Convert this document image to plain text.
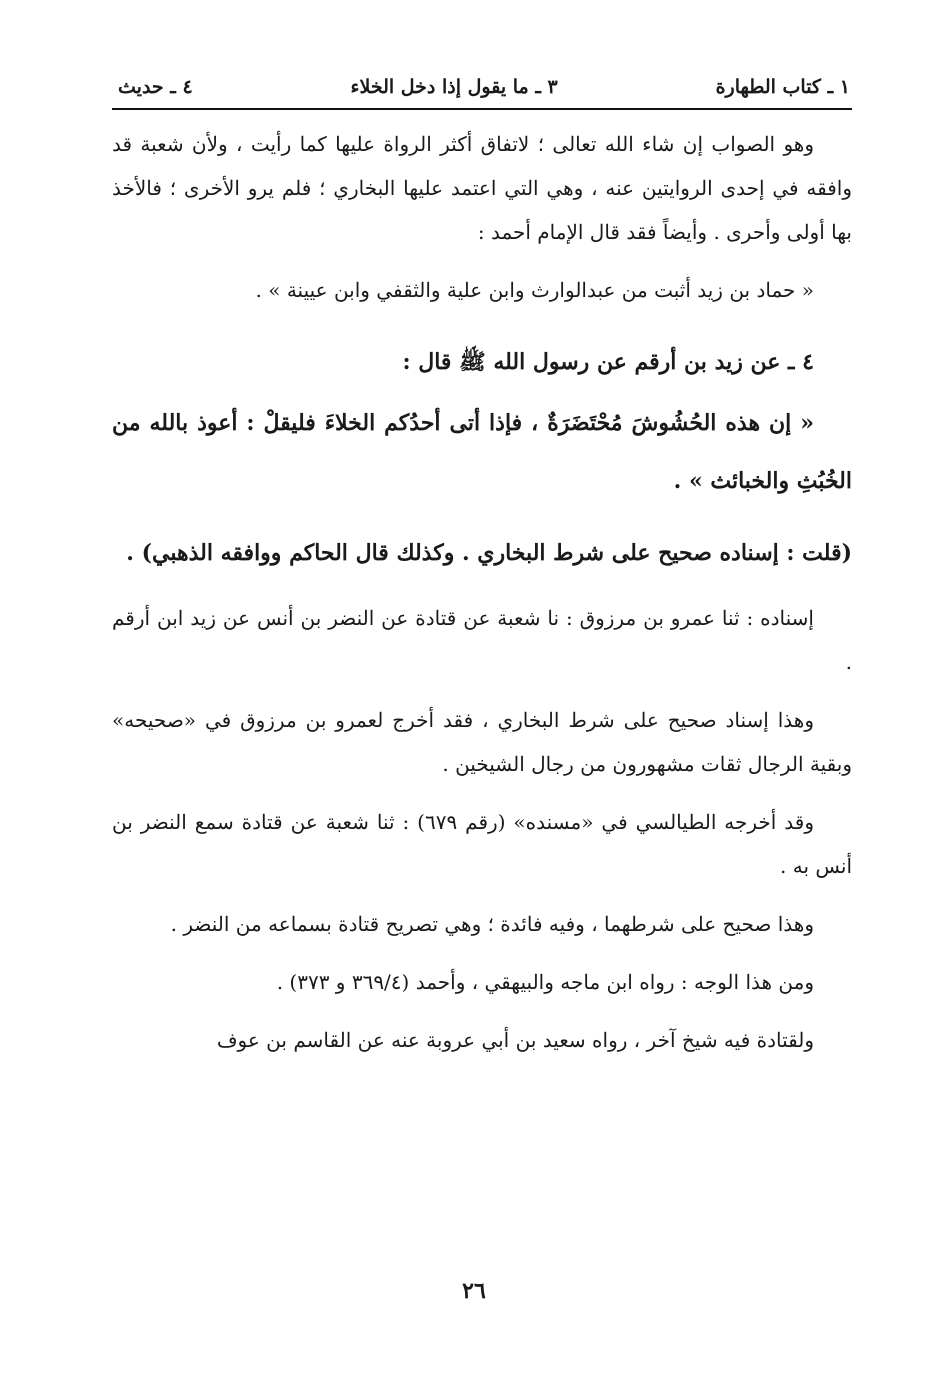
١ ـ كتاب الطهارة
٣ ـ ما يقول إذا دخل الخلاء
٤ ـ حديث

وهو الصواب إن شاء الله تعالى ؛ لاتفاق أكثر الرواة عليها كما رأيت ، ولأن شعبة قد وافقه في إحدى الروايتين عنه ، وهي التي اعتمد عليها البخاري ؛ فلم يرو الأخرى ؛ فالأخذ بها أولى وأحرى . وأيضاً فقد قال الإمام أحمد :

« حماد بن زيد أثبت من عبدالوارث وابن علية والثقفي وابن عيينة » .

٤ ـ عن زيد بن أرقم عن رسول الله ﷺ قال :

« إن هذه الحُشُوشَ مُحْتَضَرَةٌ ، فإذا أتى أحدُكم الخلاءَ فليقلْ : أعوذ بالله من الخُبُثِ والخبائث » .

(قلت : إسناده صحيح على شرط البخاري . وكذلك قال الحاكم ووافقه الذهبي) .

إسناده : ثنا عمرو بن مرزوق : نا شعبة عن قتادة عن النضر بن أنس عن زيد ابن أرقم .

وهذا إسناد صحيح على شرط البخاري ، فقد أخرج لعمرو بن مرزوق في «صحيحه» وبقية الرجال ثقات مشهورون من رجال الشيخين .

وقد أخرجه الطيالسي في «مسنده» (رقم ٦٧٩) : ثنا شعبة عن قتادة سمع النضر بن أنس به .

وهذا صحيح على شرطهما ، وفيه فائدة ؛ وهي تصريح قتادة بسماعه من النضر .

ومن هذا الوجه : رواه ابن ماجه والبيهقي ، وأحمد (٣٦٩/٤ و ٣٧٣) .

ولقتادة فيه شيخ آخر ، رواه سعيد بن أبي عروبة عنه عن القاسم بن عوف

٢٦
